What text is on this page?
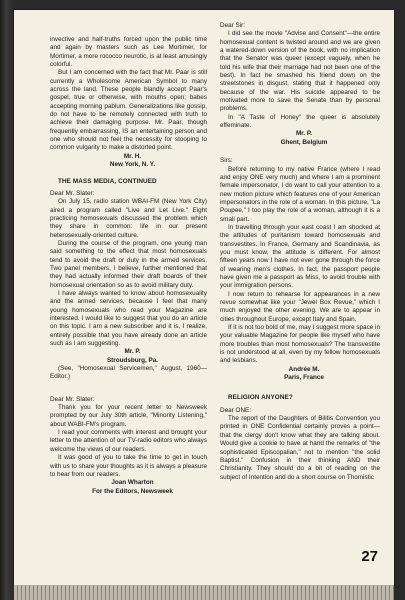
invective and half-truths forced upon the public time and again by masters such as Lee Mortimer, for Mortimer, a more rococco neurotic, is at least amusingly colorful.

But I am concerned with the fact that Mr. Paar is still currently a Wholesome American Symbol to many across the land. These people blandly accept Paar's gospel, true or otherwise, with mouths open; babes accepting morning pablum. Generalizations like gossip, do not have to be remotely connected with truth to achieve their damaging purpose. Mr. Paar, though frequently embarrassing, IS an entertaining person and one who should not feel the necessity for stooping to common vulgarity to make a distorted point.

Mr. H.

New York, N. Y.

THE MASS MEDIA, CONTINUED

Dear Mr. Slater:

On July 15, radio station WBAI-FM (New York City) aired a program called "Live and Let Live." Eight practicing homosexuals discussed the problem which they share in common: life in our present heterosexually-oriented culture.

During the course of the program, one young man said something to the effect that most homosexuals tend to avoid the draft or duty in the armed services. Two panel members, I believe, further mentioned that they had actually informed their draft boards of their homosexual orientation so as to avoid military duty.

I have always wanted to know about homosexuality and the armed services, because I feel that many young homosexuals who read your Magazine are interested. I would like to suggest that you do an article on this topic. I am a new subscriber and it is, I realize, entirely possible that you have already done an article such as I am suggesting.

Mr. P.

Stroudsburg, Pa.

(See, "Homosexual Servicemen," August, 1960—Editor.)

Dear Mr. Slater:

Thank you for your recent letter to Newsweek prompted by our July 30th article, "Minority Listening," about WABI-FM's program.

I read your comments with interest and brought your letter to the attention of our TV-radio editors who always welcome the views of our readers.

It was good of you to take the time to get in touch with us to share your thoughts as it is always a pleasure to hear from our readers.

Joan Wharton

For the Editors, Newsweek

Dear Sir:

I did see the movie "Advise and Consent"—the entire homosexual content is twisted around and we are given a watered-down version of the book, with no implication that the Senator was queer (except vaguely, when he told his wife that their marriage had not been one of the best). In fact he smashed his friend down on the streetstones in disgust, stating that it happened only because of the war. His suicide appeared to be motivated more to save the Senate than by personal problems.

In "A Taste of Honey" the queer is absolutely effeminate.

Mr. P.

Ghent, Belgium

Sirs:

Before returning to my native France (where I read and enjoy ONE very much) and where I am a prominent female impersonator, I do want to call your attention to a new motion picture which features one of your American impersonators in the role of a woman. In this picture, "La Poupee," I too play the role of a woman, although it is a small part.

In travelling through your east coast I am shocked at the attitudes of puritanism toward homosexuals and transvestites. In France, Germany and Scandinavia, as you must know, the attitude is different. For almost fifteen years now I have not ever gone through the force of wearing men's clothes. In fact, the passport people have given me a passport as Miss, to avoid trouble with your immigration persons.

I now return to rehearse for appearances in a new revue somewhat like your "Jewel Box Revue," which I much enjoyed the other evening. We are to appear in cities throughout Europe, except Italy and Spain.

If it is not too bold of me, may I suggest more space in your valuable Magazine for people like myself who have more troubles than most homosexuals? The transvestite is not understood at all, even by my fellow homosexuals and lesbians.

Andrée M.

Paris, France

RELIGION ANYONE?

Dear ONE:

The report of the Daughters of Bilitis Convention you printed in ONE Confidential certainly proves a point—that the clergy don't know what they are talking about. Would give a cookie to have at hand the remarks of "the sophisticated Episcopalian," not to mention "the solid Baptist." Confusion in their thinking AND their Christianity. They should do a bit of reading on the subject of Intention and do a short course on Thomistic

27
